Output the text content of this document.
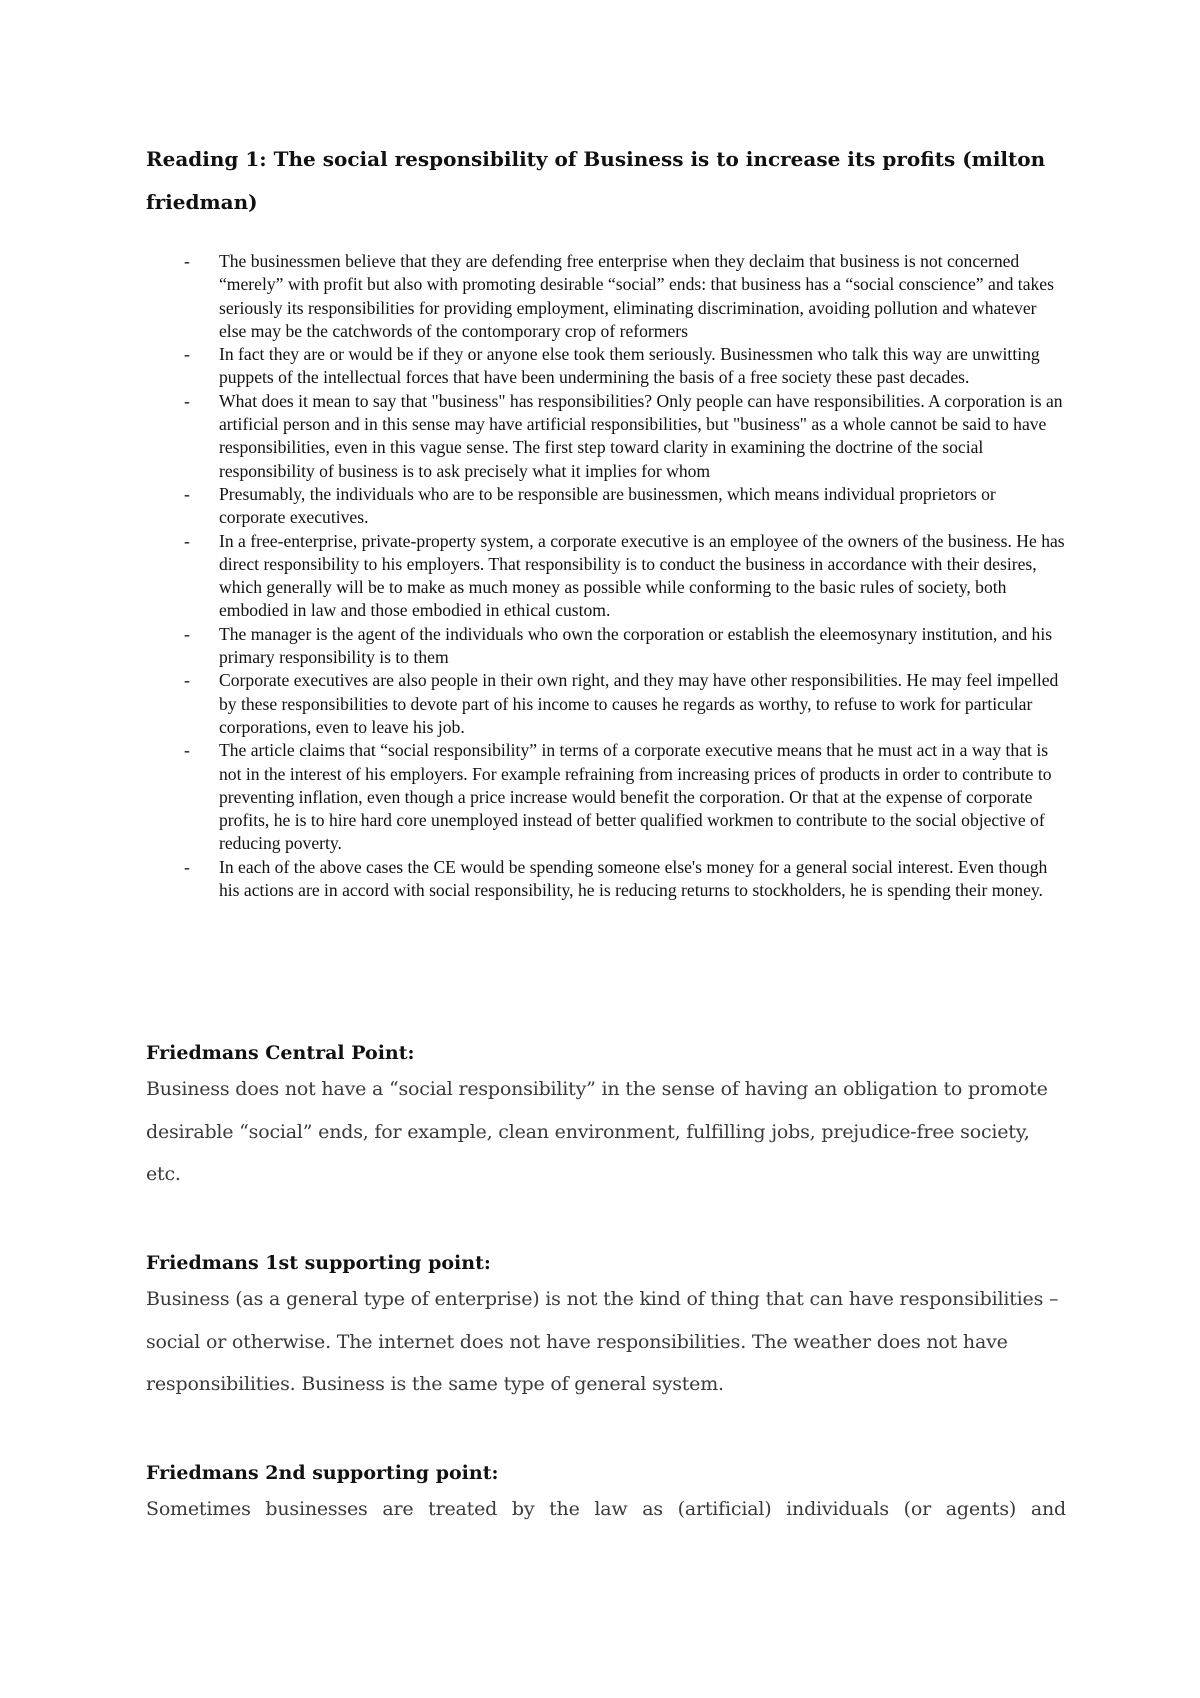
Reading 1: The social responsibility of Business is to increase its profits (milton friedman)
- The businessmen believe that they are defending free enterprise when they declaim that business is not concerned “merely” with profit but also with promoting desirable “social” ends: that business has a “social conscience” and takes seriously its responsibilities for providing employment, eliminating discrimination, avoiding pollution and whatever else may be the catchwords of the contomporary crop of reformers
- In fact they are or would be if they or anyone else took them seriously. Businessmen who talk this way are unwitting puppets of the intellectual forces that have been undermining the basis of a free society these past decades.
- What does it mean to say that "business" has responsibilities? Only people can have responsibilities. A corporation is an artificial person and in this sense may have artificial responsibilities, but "business" as a whole cannot be said to have responsibilities, even in this vague sense. The first step toward clarity in examining the doctrine of the social responsibility of business is to ask precisely what it implies for whom
- Presumably, the individuals who are to be responsible are businessmen, which means individual proprietors or corporate executives.
- In a free-enterprise, private-property system, a corporate executive is an employee of the owners of the business. He has direct responsibility to his employers. That responsibility is to conduct the business in accordance with their desires, which generally will be to make as much money as possible while conforming to the basic rules of society, both embodied in law and those embodied in ethical custom.
- The manager is the agent of the individuals who own the corporation or establish the eleemosynary institution, and his primary responsibility is to them
- Corporate executives are also people in their own right, and they may have other responsibilities. He may feel impelled by these responsibilities to devote part of his income to causes he regards as worthy, to refuse to work for particular corporations, even to leave his job.
- The article claims that “social responsibility” in terms of a corporate executive means that he must act in a way that is not in the interest of his employers. For example refraining from increasing prices of products in order to contribute to preventing inflation, even though a price increase would benefit the corporation. Or that at the expense of corporate profits, he is to hire hard core unemployed instead of better qualified workmen to contribute to the social objective of reducing poverty.
- In each of the above cases the CE would be spending someone else's money for a general social interest. Even though his actions are in accord with social responsibility, he is reducing returns to stockholders, he is spending their money.
Friedmans Central Point:

Business does not have a “social responsibility” in the sense of having an obligation to promote desirable “social” ends, for example, clean environment, fulfilling jobs, prejudice-free society, etc.

Friedmans 1st supporting point:

Business (as a general type of enterprise) is not the kind of thing that can have responsibilities – social or otherwise. The internet does not have responsibilities. The weather does not have responsibilities. Business is the same type of general system.

Friedmans 2nd supporting point:

Sometimes businesses are treated by the law as (artificial) individuals (or agents) and
